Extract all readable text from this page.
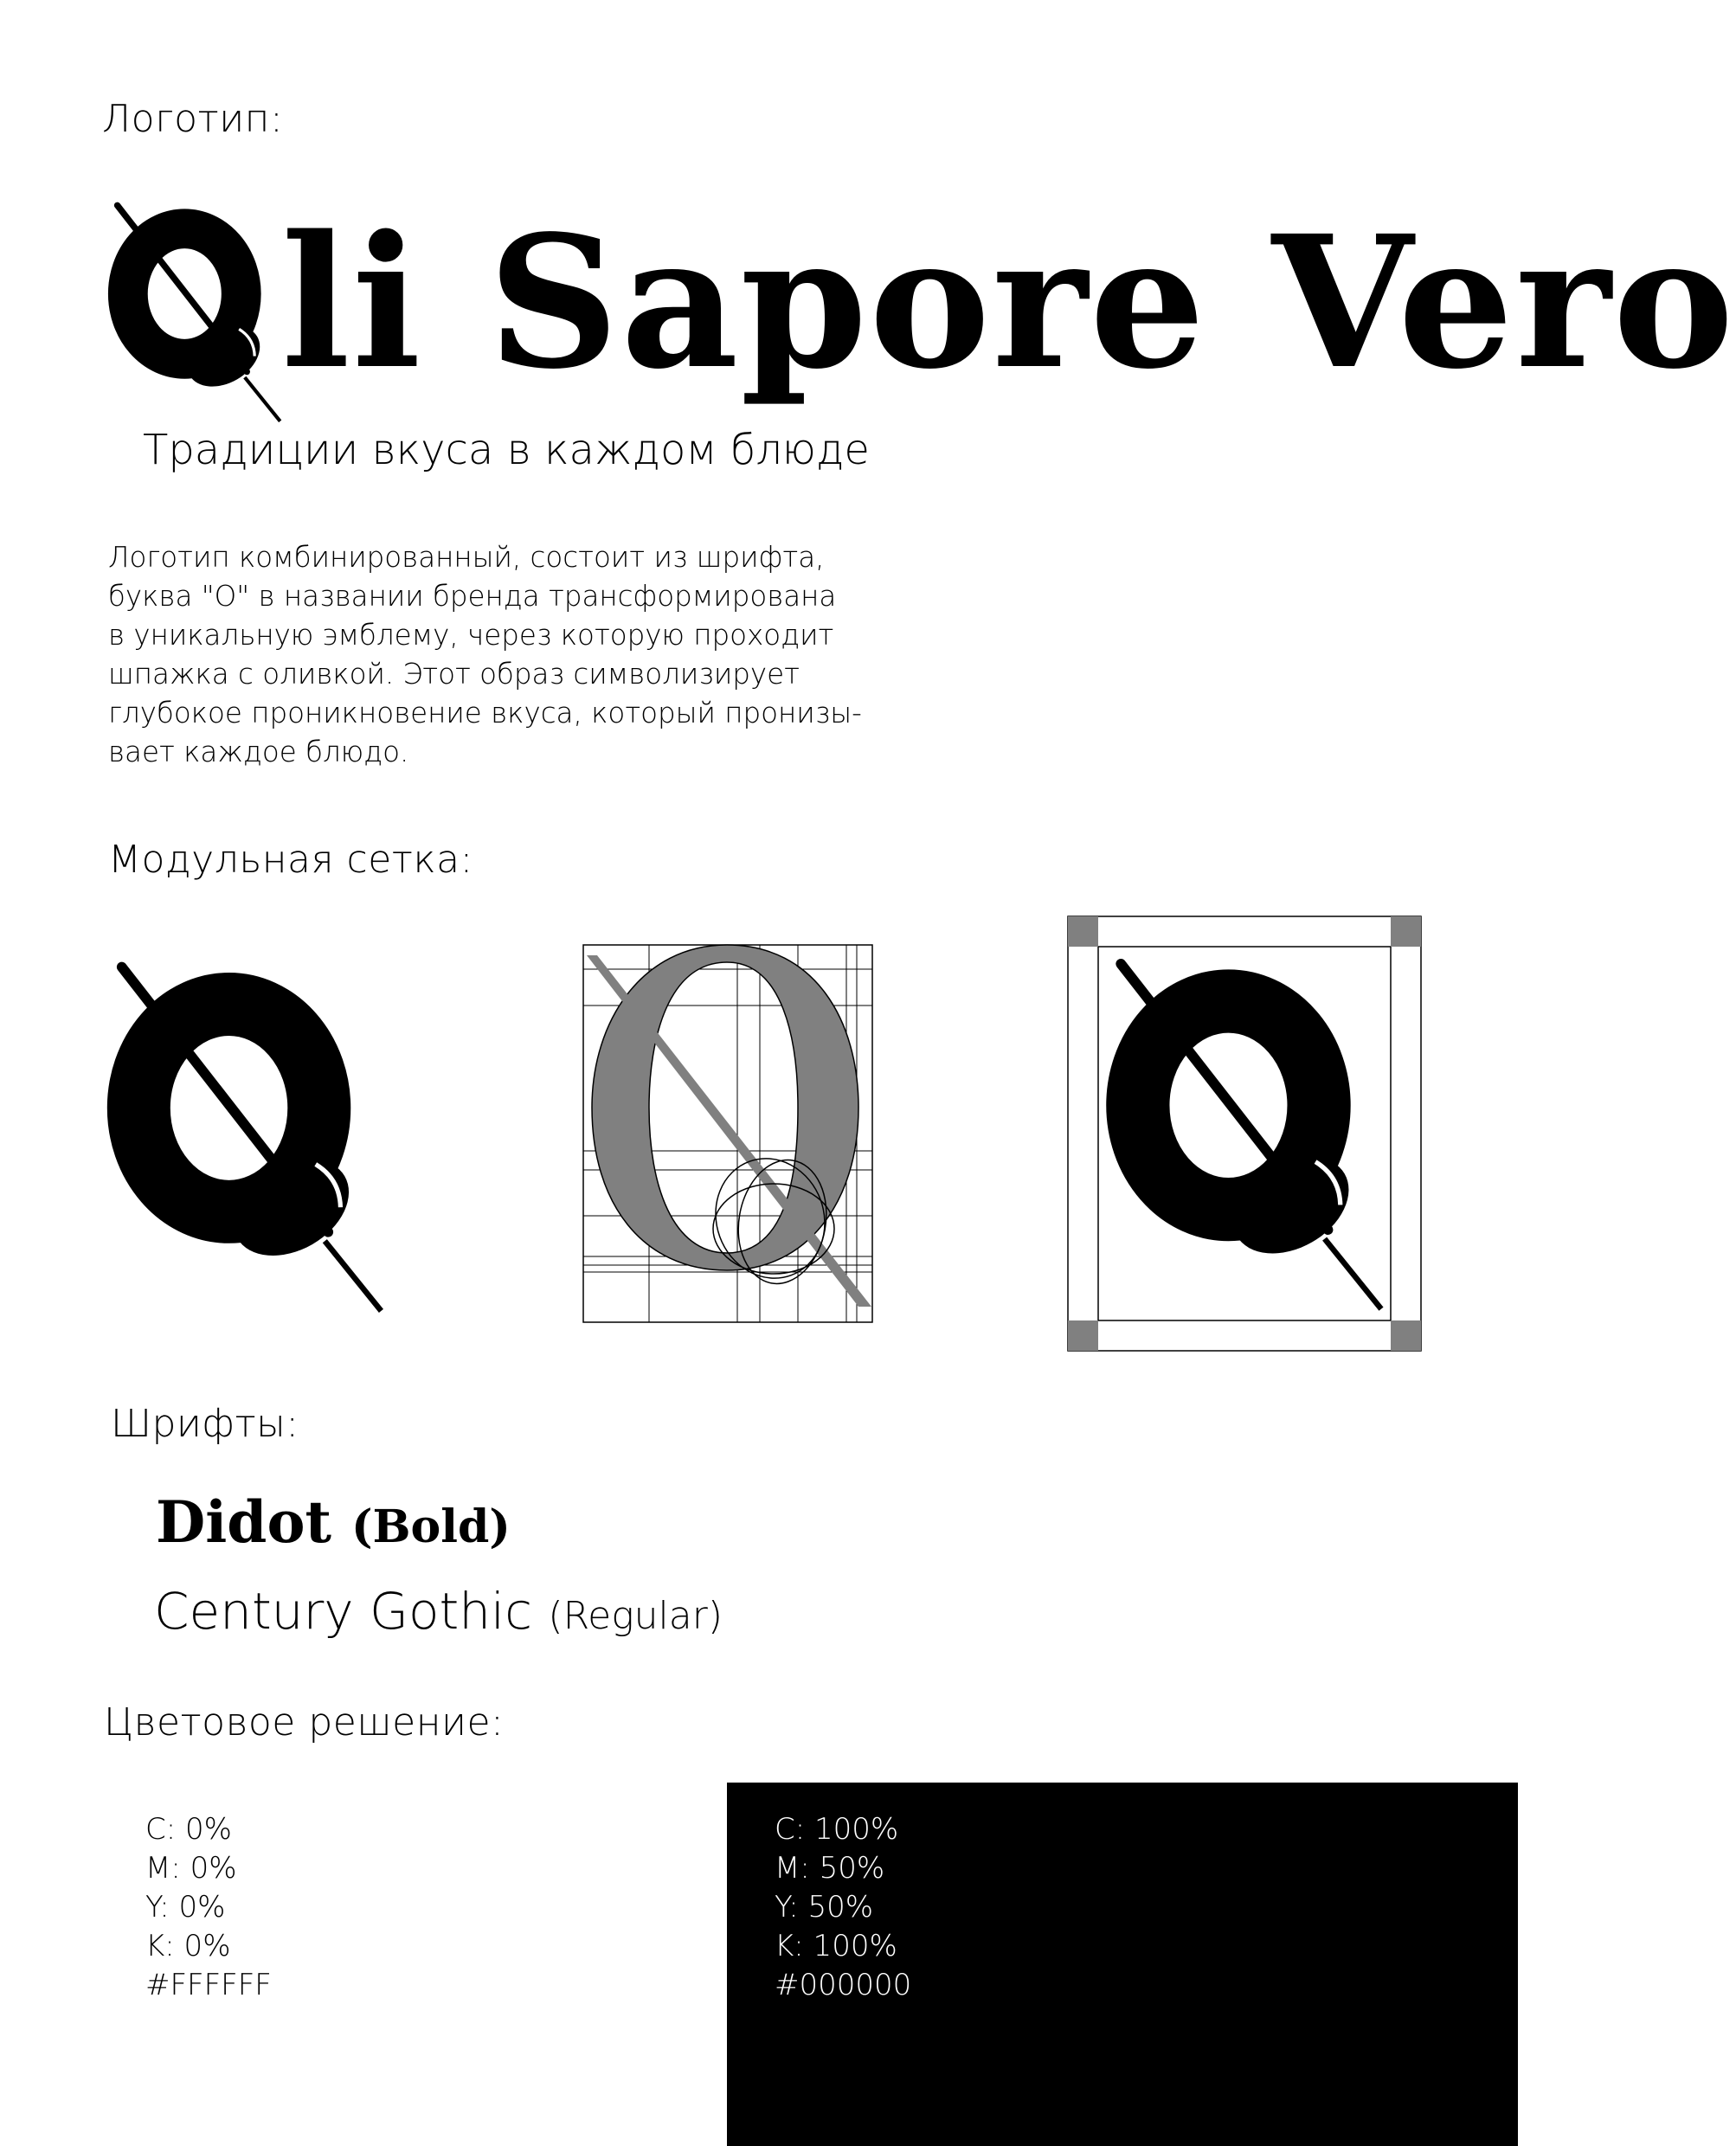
Логотип:
li Sapore Vero
Традиции вкуса в каждом блюде
Логотип комбинированный, состоит из шрифта,
буква "О" в названии бренда трансформирована
в уникальную эмблему, через которую проходит
шпажка с оливкой. Этот образ символизирует
глубокое проникновение вкуса, который пронизы-
вает каждое блюдо.
Модульная сетка:
Шрифты:
Didot (Bold)
Century Gothic (Regular)
Цветовое решение:
C: 0%
M: 0%
Y: 0%
K: 0%
#FFFFFF
C: 100%
M: 50%
Y: 50%
K: 100%
#000000
